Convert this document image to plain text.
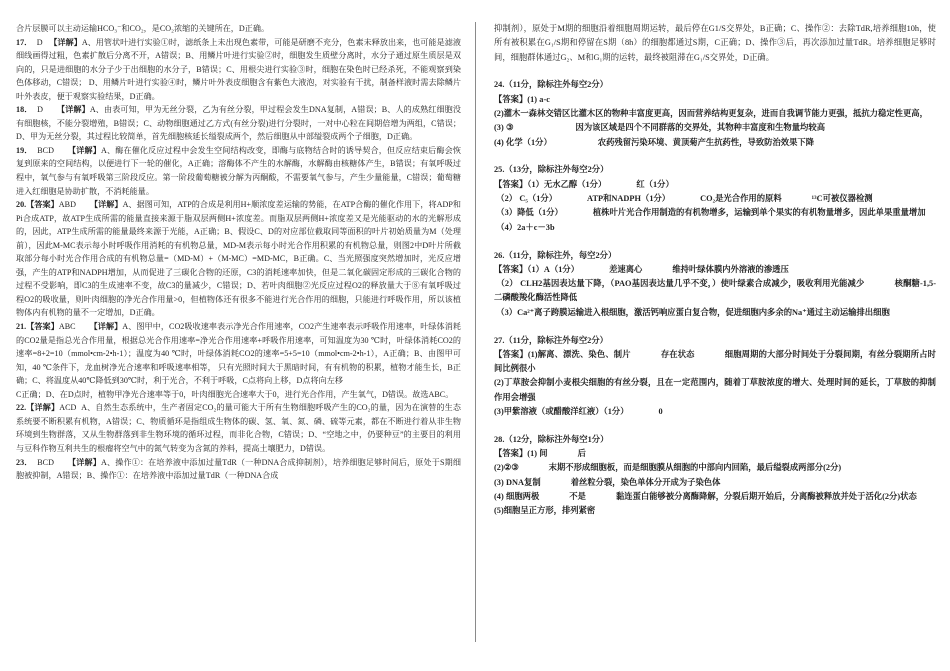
合片层膜可以主动运输HCO₃⁻和CO₂，是CO₂浓缩的关键所在，D正确。

17． D 【详解】A、用管状叶进行实验①时，滤纸条上未出现色素带，可能是研磨不充分，色素未释放出来，也可能是滤液细线画得过粗，色素扩散后分离不开，A错误；B、用鳞片叶进行实验②时，细胞发生质壁分离时，水分子通过原生质层是双向的，只是进细胞的水分子少于出细胞的水分子，B错误；C、用根尖进行实验③时，细胞在染色时已经杀死，不能观察到染色体移动，C错误； D、用鳞片叶进行实验④时，鳞片叶外表皮细胞含有紫色大液泡，对实验有干扰，制备样液时需去除鳞片叶外表皮，便于观察实验结果，D正确。

18． D 【详解】A、由表可知，甲为无丝分裂，乙为有丝分裂，甲过程会发生DNA复制，A错误；B、人的成熟红细胞没有细胞核，不能分裂增殖，B错误；C、动物细胞通过乙方式(有丝分裂)进行分裂时，一对中心粒在间期倍增为两组，C错误；D、甲为无丝分裂，其过程比较简单，首先细胞核延长缢裂成两个，然后细胞从中部缢裂成两个子细胞，D正确。

19． BCD 【详解】A、酶在催化反应过程中会发生空间结构改变，即酶与底物结合时的诱导契合，但反应结束后酶会恢复到原来的空间结构，以便进行下一轮的催化，A正确；溶酶体不产生的水解酶，水解酶由核糖体产生，B错误；有氧呼吸过程中，氧气参与有氧呼吸第三阶段反应。第一阶段葡萄糖被分解为丙酮酸，不需要氧气参与，产生少量能量，C错误；葡萄糖进入红细胞是协助扩散，不消耗能量。

20.【答案】ABD 【详解】A、据图可知，ATP的合成是利用H+顺浓度差运输的势能，在ATP合酶的催化作用下，将ADP和Pi合成ATP，故ATP生成所需的能量直接来源于脂双层两侧H+浓度差。而脂双层两侧H+浓度差又是光能驱动的水的光解形成的，因此，ATP生成所需的能量最终来源于光能，A正确；B、假设C、D的对应部位截取同等面积的叶片初始质量为M（处理前），因此M-MC表示每小时呼吸作用消耗的有机物总量，MD-M表示每小时光合作用积累的有机物总量，则图2中D叶片所截取部分每小时光合作用合成的有机物总量=（MD-M）+（M-MC）=MD-MC，B正确。C、当光照强度突然增加时，光反应增强，产生的ATP和NADPH增加，从而促进了三碳化合物的还原，C3的消耗速率加快，但是二氧化碳固定形成的三碳化合物的过程不受影响，即C3的生成速率不变，故C3的量减少，C错误；D、若叶肉细胞②光反应过程O2的释放量大于⑧有氧呼吸过程O2的吸收量，则叶肉细胞的净光合作用量>0，但植物体还有很多不能进行光合作用的细胞，只能进行呼吸作用，所以该植物体内有机物的量不一定增加，D正确。

21.【答案】ABC 【详解】A、图甲中，CO2吸收速率表示净光合作用速率，CO2产生速率表示呼吸作用速率，叶绿体消耗的CO2量是指总光合作用量，根据总光合作用速率=净光合作用速率+呼吸作用速率，可知温度为30 ℃时，叶绿体消耗CO2的速率=8+2=10（mmol•cm-2•h-1）；温度为40 ℃时，叶绿体消耗CO2的速率=5+5=10（mmol•cm-2•h-1），A正确；B、由图甲可知，40 ℃条件下，龙血树净光合速率和呼吸速率相等， 只有光照时间大于黑暗时间，有有机物的积累，植物才能生长，B正确；C、将温度从40℃降低到30℃时，利于光合，不利于呼吸，C点将向上移，D点将向左移

C正确；D、在D点时，植物甲净光合速率等于0，叶肉细胞光合速率大于0，进行光合作用，产生氧气，D错误。故选ABC。

22.【详解】ACD A、自然生态系统中，生产者固定CO₂的量可能大于所有生物细胞呼吸产生的CO₂的量，因为在演替的生态系统要不断积累有机物，A错误；C、物质循环是指组成生物体的碳、氢、氧、氮、磷、硫等元素，都在不断进行着从非生物环境到生物群落，又从生物群落到非生物环境的循环过程，而非化合物，C错误；D、“空地之中，仍要种豆”的主要目的利用与豆科作物互利共生的根瘤将空气中的氮气转变为含氮的养料，提高土壤肥力，D错误。

23． BCD 【详解】A、操作①：在培养液中添加过量TdR（一种DNA合成抑制剂），培养细胞足够时间后，原处于S期细胞被抑制，A错误；B、操作①：在培养液中添加过量TdR（一种DNA合成

抑制剂），原处于M期的细胞沿着细胞周期运转，最后停在G1/S交界处，B正确；C、操作②：去除TdR,培养细胞10h，使所有被积累在G₁/S期和停留在S期（8h）的细胞都通过S期，C正确；D、操作③后，再次添加过量TdR。培养细胞足够时间，细胞群体通过G₂、M和G₁期的运转，最终被阻滞在G₁/S交界处，D正确。

24.（11分，除标注外每空2分）

【答案】(1) a-c

(2)灌木一森林交错区比灌木区的物种丰富度更高，因而营养结构更复杂，进而自我调节能力更强，抵抗力稳定性更高，

(3) ③	因为该区域是四个不同群落的交界处，其物种丰富度和生物量均较高

(4) 化学（1分）	农药残留污染环境、黄顶菊产生抗药性，导致防治效果下降

25.（13分，除标注外每空2分）

【答案】（1）无水乙醇（1分）	红（1分）

（2） C₅（1分）	ATP和NADPH（1分）	CO₂是光合作用的原料	¹³C可被仪器检测

（3）降低（1分）	植株叶片光合作用制造的有机物增多，运输到单个果实的有机物量增多，因此单果重量增加

（4）2a＋c－3b

26.（11分，除标注外，每空2分）

【答案】（1）A（1分）	差速离心	维持叶绿体膜内外溶液的渗透压

（2） CLH2基因表达量下降，（PAO基因表达量几乎不变，）使叶绿素合成减少，吸收利用光能减少	核酮糖-1,5-二磷酸羧化酶活性降低

（3）Ca²⁺离子跨膜运输进入根细胞，激活钙响应蛋白复合物，促进细胞内多余的Na⁺通过主动运输排出细胞

27.（11分，除标注外每空2分）

【答案】(1)解离、漂洗、染色、制片	存在状态	细胞周期的大部分时间处于分裂间期，有丝分裂期所占时间比例很小

(2)丁草胺会抑制小麦根尖细胞的有丝分裂，且在一定范围内，随着丁草胺浓度的增大、处理时间的延长，丁草胺的抑制作用会增强

(3)甲紫溶液（或醋酸洋红液）（1分）	0

28.（12分，除标注外每空1分）

【答案】(1) 间	后

(2)②③	末期不形成细胞板，而是细胞膜从细胞的中部向内回陷，最后缢裂成两部分(2分)

(3) DNA复制	着丝粒分裂，染色单体分开成为子染色体

(4) 细胞两极	不是	黏连蛋白能够被分离酶降解，分裂后期开始后，分离酶被释放并处于活化(2分)状态

(5)细胞呈正方形，排列紧密
